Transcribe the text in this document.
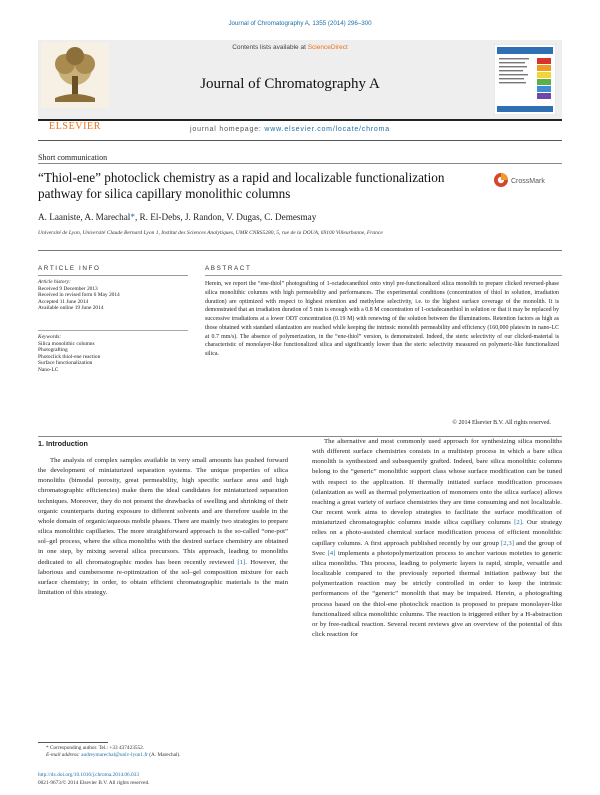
Journal of Chromatography A, 1355 (2014) 296–300
ELSEVIER
Contents lists available at ScienceDirect
Journal of Chromatography A
journal homepage: www.elsevier.com/locate/chroma
Short communication
“Thiol-ene” photoclick chemistry as a rapid and localizable functionalization pathway for silica capillary monolithic columns
CrossMark
A. Laaniste, A. Marechal*, R. El-Debs, J. Randon, V. Dugas, C. Demesmay
Université de Lyon, Université Claude Bernard Lyon 1, Institut des Sciences Analytiques, UMR CNRS5280, 5, rue de la DOUA, 69100 Villeurbanne, France
ARTICLE INFO
Article history:
Received 9 December 2013
Received in revised form 6 May 2014
Accepted 11 June 2014
Available online 19 June 2014
Keywords:
Silica monolithic columns
Photografting
Photoclick thiol-ene reaction
Surface functionalization
Nano-LC
ABSTRACT
Herein, we report the “ene-thiol” photografting of 1-octadecanethiol onto vinyl pre-functionalized silica monolith to prepare clicked reversed-phase silica monolithic columns with high permeability and performances. The experimental conditions (concentration of thiol in solution, irradiation duration) are optimized with respect to highest retention and methylene selectivity, i.e. to the highest surface coverage of the monolith. It is demonstrated that an irradiation duration of 5 min is enough with a 0.8 M concentration of 1-octadecanethiol in solution or that it may be replaced by successive irradiations at a lower ODT concentration (0.19 M) with renewing of the solution between the illuminations. Retention factors as high as those obtained with standard silanization are reached while keeping the intrinsic monolith permeability and efficiency (160,000 plates/m in nano-LC at 0.7 mm/s). The absence of polymerization, in the “ene-thiol” version, is demonstrated. Indeed, the steric selectivity of our clicked-material is characteristic of monolayer-like functionalized silica and significantly lower than the steric selectivity measured on polymeric-like functionalized silica.
© 2014 Elsevier B.V. All rights reserved.
1. Introduction
The analysis of complex samples available in very small amounts has pushed forward the development of miniaturized separation systems. The unique properties of silica monoliths (bimodal porosity, great permeability, high specific surface area and high chromatographic efficiencies) make them the ideal candidates for miniaturized separation techniques. Moreover, they do not present the drawbacks of swelling and shrinking of their organic counterparts during exposure to different solvents and are therefore usable in the whole domain of organic/aqueous mobile phases. There are mainly two strategies to prepare silica monolithic capillaries. The more straightforward approach is the so-called “one-pot” sol–gel process, where the silica monoliths with the desired surface chemistry are obtained in one step, by mixing several silica precursors. This approach, leading to monoliths dedicated to all chromatographic modes has been recently reviewed [1]. However, the laborious and cumbersome re-optimization of the sol–gel composition mixture for each surface chemistry; in order, to obtain efficient chromatographic materials is the main limitation of this strategy.
The alternative and most commonly used approach for synthesizing silica monoliths with different surface chemistries consists in a multistep process in which a bare silica monolith is synthesized and subsequently grafted. Indeed, bare silica monolithic columns belong to the “generic” monolithic support class whose surface modification can be tuned with respect to the application. If thermally initiated surface modification processes (silanization as well as thermal polymerization of monomers onto the silica surface) allows reaching a great variety of surface chemistries they are time consuming and not localizable. Our recent work aims to develop strategies to facilitate the surface modification of miniaturized chromatographic columns inside silica capillary columns [2]. Our strategy relies on a photo-assisted chemical surface modification process of efficient monolithic capillary columns. A first approach published recently by our group [2,3] and the group of Svec [4] implements a photopolymerization process to anchor various moieties to generic silica monoliths. This process, leading to polymeric layers is rapid, simple, versatile and localizable compared to the previously reported thermal initiation pathway but the polymerization reaction may be strictly controlled in order to keep the intrinsic performances of the “generic” monolith that may be impaired. Herein, a photografting process based on the thiol-ene photoclick reaction is proposed to prepare monolayer-like functionalized silica monolithic columns. The reaction is triggered either by a H-abstraction or by free-radical reaction. Several recent reviews give an overview of the potential of this click reaction for
* Corresponding author. Tel.: +33 437423552.
E-mail address: audreymarechal@univ-lyon1.fr (A. Marechal).
http://dx.doi.org/10.1016/j.chroma.2014.06.033
0021-9673/© 2014 Elsevier B.V. All rights reserved.
